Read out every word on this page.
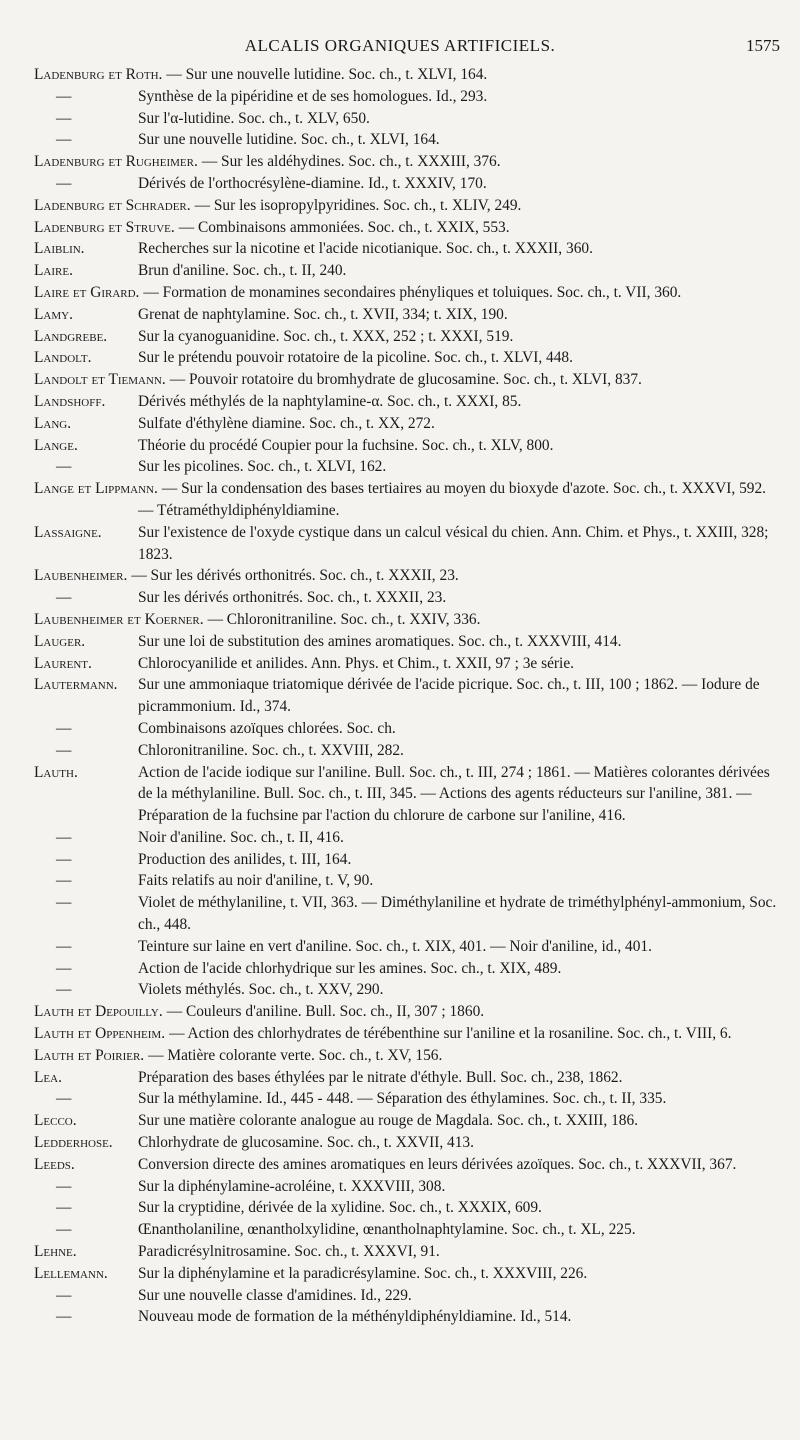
ALCALIS ORGANIQUES ARTIFICIELS.	1575

Ladenburg et Roth. — Sur une nouvelle lutidine. Soc. ch., t. XLVI, 164.

—	Synthèse de la pipéridine et de ses homologues. Id., 293.

—	Sur l'α-lutidine. Soc. ch., t. XLV, 650.

—	Sur une nouvelle lutidine. Soc. ch., t. XLVI, 164.

Ladenburg et Rugheimer. — Sur les aldéhydines. Soc. ch., t. XXXIII, 376.

—	Dérivés de l'orthocrésylène-diamine. Id., t. XXXIV, 170.

Ladenburg et Schrader. — Sur les isopropylpyridines. Soc. ch., t. XLIV, 249.

Ladenburg et Struve. — Combinaisons ammoniées. Soc. ch., t. XXIX, 553.

Laiblin.	Recherches sur la nicotine et l'acide nicotianique. Soc. ch., t. XXXII, 360.

Laire.	Brun d'aniline. Soc. ch., t. II, 240.

Laire et Girard. — Formation de monamines secondaires phényliques et toluiques. Soc. ch., t. VII, 360.

Lamy.	Grenat de naphtylamine. Soc. ch., t. XVII, 334; t. XIX, 190.

Landgrebe. Sur la cyanoguanidine. Soc. ch., t. XXX, 252 ; t. XXXI, 519.

Landolt.	Sur le prétendu pouvoir rotatoire de la picoline. Soc. ch., t. XLVI, 448.

Landolt et Tiemann. — Pouvoir rotatoire du bromhydrate de glucosamine. Soc. ch., t. XLVI, 837.

Landshoff. Dérivés méthylés de la naphtylamine-α. Soc. ch., t. XXXI, 85.

Lang.	Sulfate d'éthylène diamine. Soc. ch., t. XX, 272.

Lange.	Théorie du procédé Coupier pour la fuchsine. Soc. ch., t. XLV, 800.

—	Sur les picolines. Soc. ch., t. XLVI, 162.

Lange et Lippmann. — Sur la condensation des bases tertiaires au moyen du bioxyde d'azote. Soc. ch., t. XXXVI, 592. — Tétraméthyldiphényldiamine.

Lassaigne. Sur l'existence de l'oxyde cystique dans un calcul vésical du chien. Ann. Chim. et Phys., t. XXIII, 328; 1823.

Laubenheimer. — Sur les dérivés orthonitrés. Soc. ch., t. XXXII, 23.

—	Sur les dérivés orthonitrés. Soc. ch., t. XXXII, 23.

Laubenheimer et Koerner. — Chloronitraniline. Soc. ch., t. XXIV, 336.

Lauger.	Sur une loi de substitution des amines aromatiques. Soc. ch., t. XXXVIII, 414.

Laurent.	Chlorocyanilide et anilides. Ann. Phys. et Chim., t. XXII, 97 ; 3e série.

Lautermann. Sur une ammoniaque triatomique dérivée de l'acide picrique. Soc. ch., t. III, 100 ; 1862. — Iodure de picrammonium. Id., 374.

—	Combinaisons azoïques chlorées. Soc. ch.

—	Chloronitraniline. Soc. ch., t. XXVIII, 282.

Lauth.	Action de l'acide iodique sur l'aniline. Bull. Soc. ch., t. III, 274 ; 1861. — Matières colorantes dérivées de la méthylaniline. Bull. Soc. ch., t. III, 345. — Actions des agents réducteurs sur l'aniline, 381. — Préparation de la fuchsine par l'action du chlorure de carbone sur l'aniline, 416.

—	Noir d'aniline. Soc. ch., t. II, 416.

—	Production des anilides, t. III, 164.

—	Faits relatifs au noir d'aniline, t. V, 90.

—	Violet de méthylaniline, t. VII, 363. — Diméthylaniline et hydrate de triméthylphényl-ammonium, Soc. ch., 448.

—	Teinture sur laine en vert d'aniline. Soc. ch., t. XIX, 401. — Noir d'aniline, id., 401.

—	Action de l'acide chlorhydrique sur les amines. Soc. ch., t. XIX, 489.

—	Violets méthylés. Soc. ch., t. XXV, 290.

Lauth et Depouilly. — Couleurs d'aniline. Bull. Soc. ch., II, 307 ; 1860.

Lauth et Oppenheim. — Action des chlorhydrates de térébenthine sur l'aniline et la rosaniline. Soc. ch., t. VIII, 6.

Lauth et Poirier. — Matière colorante verte. Soc. ch., t. XV, 156.

Lea.	Préparation des bases éthylées par le nitrate d'éthyle. Bull. Soc. ch., 238, 1862.

—	Sur la méthylamine. Id., 445 - 448. — Séparation des éthylamines. Soc. ch., t. II, 335.

Lecco.	Sur une matière colorante analogue au rouge de Magdala. Soc. ch., t. XXIII, 186.

Ledderhose. Chlorhydrate de glucosamine. Soc. ch., t. XXVII, 413.

Leeds.	Conversion directe des amines aromatiques en leurs dérivées azoïques. Soc. ch., t. XXXVII, 367.

—	Sur la diphénylamine-acroléine, t. XXXVIII, 308.

—	Sur la cryptidine, dérivée de la xylidine. Soc. ch., t. XXXIX, 609.

—	Œnantholaniline, œnantholxylidine, œnantholnaphtylamine. Soc. ch., t. XL, 225.

Lehne.	Paradicrésylnitrosamine. Soc. ch., t. XXXVI, 91.

Lellemann. Sur la diphénylamine et la paradicrésylamine. Soc. ch., t. XXXVIII, 226.

—	Sur une nouvelle classe d'amidines. Id., 229.

—	Nouveau mode de formation de la méthényldiphényldiamine. Id., 514.
